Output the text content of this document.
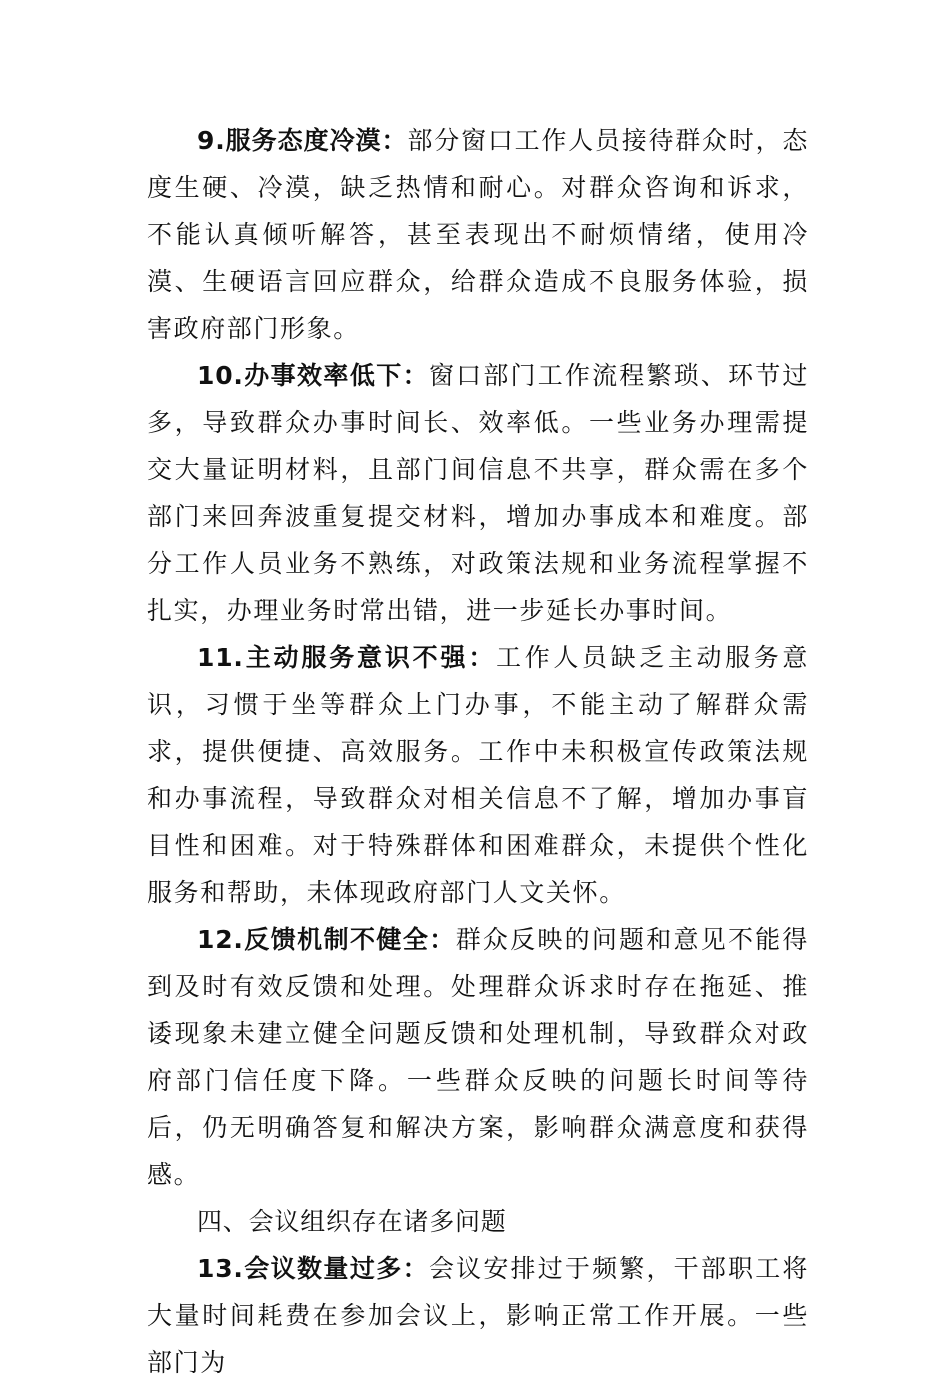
9.服务态度冷漠：部分窗口工作人员接待群众时，态度生硬、冷漠，缺乏热情和耐心。对群众咨询和诉求，不能认真倾听解答，甚至表现出不耐烦情绪，使用冷漠、生硬语言回应群众，给群众造成不良服务体验，损害政府部门形象。

10.办事效率低下：窗口部门工作流程繁琐、环节过多，导致群众办事时间长、效率低。一些业务办理需提交大量证明材料，且部门间信息不共享，群众需在多个部门来回奔波重复提交材料，增加办事成本和难度。部分工作人员业务不熟练，对政策法规和业务流程掌握不扎实，办理业务时常出错，进一步延长办事时间。

11.主动服务意识不强：工作人员缺乏主动服务意识，习惯于坐等群众上门办事，不能主动了解群众需求，提供便捷、高效服务。工作中未积极宣传政策法规和办事流程，导致群众对相关信息不了解，增加办事盲目性和困难。对于特殊群体和困难群众，未提供个性化服务和帮助，未体现政府部门人文关怀。

12.反馈机制不健全：群众反映的问题和意见不能得到及时有效反馈和处理。处理群众诉求时存在拖延、推诿现象未建立健全问题反馈和处理机制，导致群众对政府部门信任度下降。一些群众反映的问题长时间等待后，仍无明确答复和解决方案，影响群众满意度和获得感。

四、会议组织存在诸多问题

13.会议数量过多：会议安排过于频繁，干部职工将大量时间耗费在参加会议上，影响正常工作开展。一些部门为
